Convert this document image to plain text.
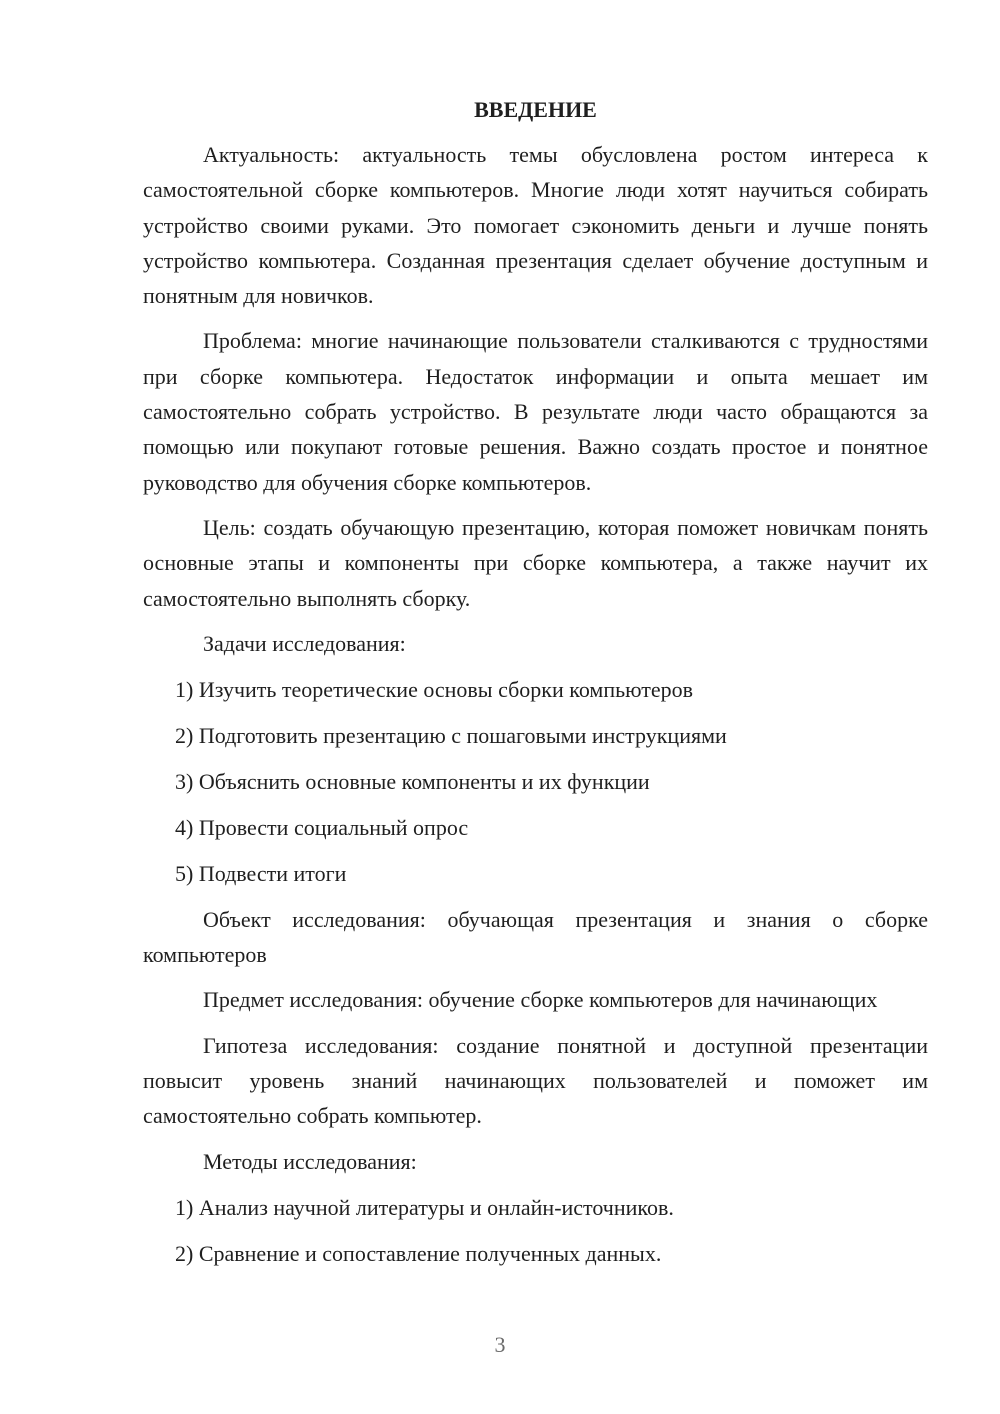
ВВЕДЕНИЕ

Актуальность: актуальность темы обусловлена ростом интереса к самостоятельной сборке компьютеров. Многие люди хотят научиться собирать устройство своими руками. Это помогает сэкономить деньги и лучше понять устройство компьютера. Созданная презентация сделает обучение доступным и понятным для новичков.

Проблема: многие начинающие пользователи сталкиваются с трудностями при сборке компьютера. Недостаток информации и опыта мешает им самостоятельно собрать устройство. В результате люди часто обращаются за помощью или покупают готовые решения. Важно создать простое и понятное руководство для обучения сборке компьютеров.

Цель: создать обучающую презентацию, которая поможет новичкам понять основные этапы и компоненты при сборке компьютера, а также научит их самостоятельно выполнять сборку.

Задачи исследования:
1) Изучить теоретические основы сборки компьютеров
2) Подготовить презентацию с пошаговыми инструкциями
3) Объяснить основные компоненты и их функции
4) Провести социальный опрос
5) Подвести итоги

Объект исследования: обучающая презентация и знания о сборке компьютеров

Предмет исследования: обучение сборке компьютеров для начинающих

Гипотеза исследования: создание понятной и доступной презентации повысит уровень знаний начинающих пользователей и поможет им самостоятельно собрать компьютер.

Методы исследования:
1) Анализ научной литературы и онлайн-источников.
2) Сравнение и сопоставление полученных данных.
3
